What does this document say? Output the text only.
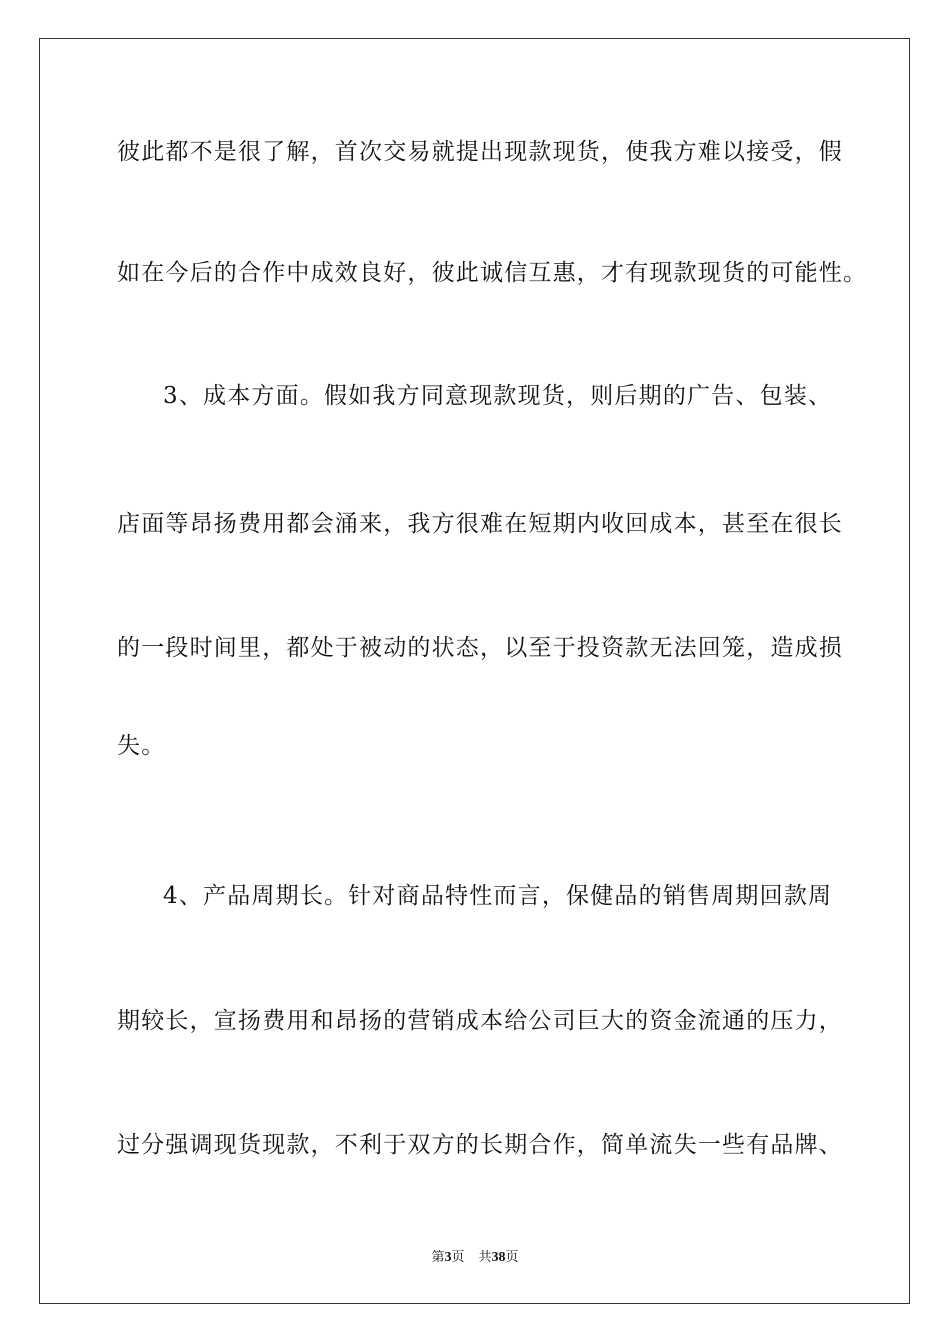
彼此都不是很了解，首次交易就提出现款现货，使我方难以接受，假
如在今后的合作中成效良好，彼此诚信互惠，才有现款现货的可能性。
3、成本方面。假如我方同意现款现货，则后期的广告、包装、
店面等昂扬费用都会涌来，我方很难在短期内收回成本，甚至在很长
的一段时间里，都处于被动的状态，以至于投资款无法回笼，造成损
失。
4、产品周期长。针对商品特性而言，保健品的销售周期回款周
期较长，宣扬费用和昂扬的营销成本给公司巨大的资金流通的压力，
过分强调现货现款，不利于双方的长期合作，简单流失一些有品牌、
第3页 共38页
